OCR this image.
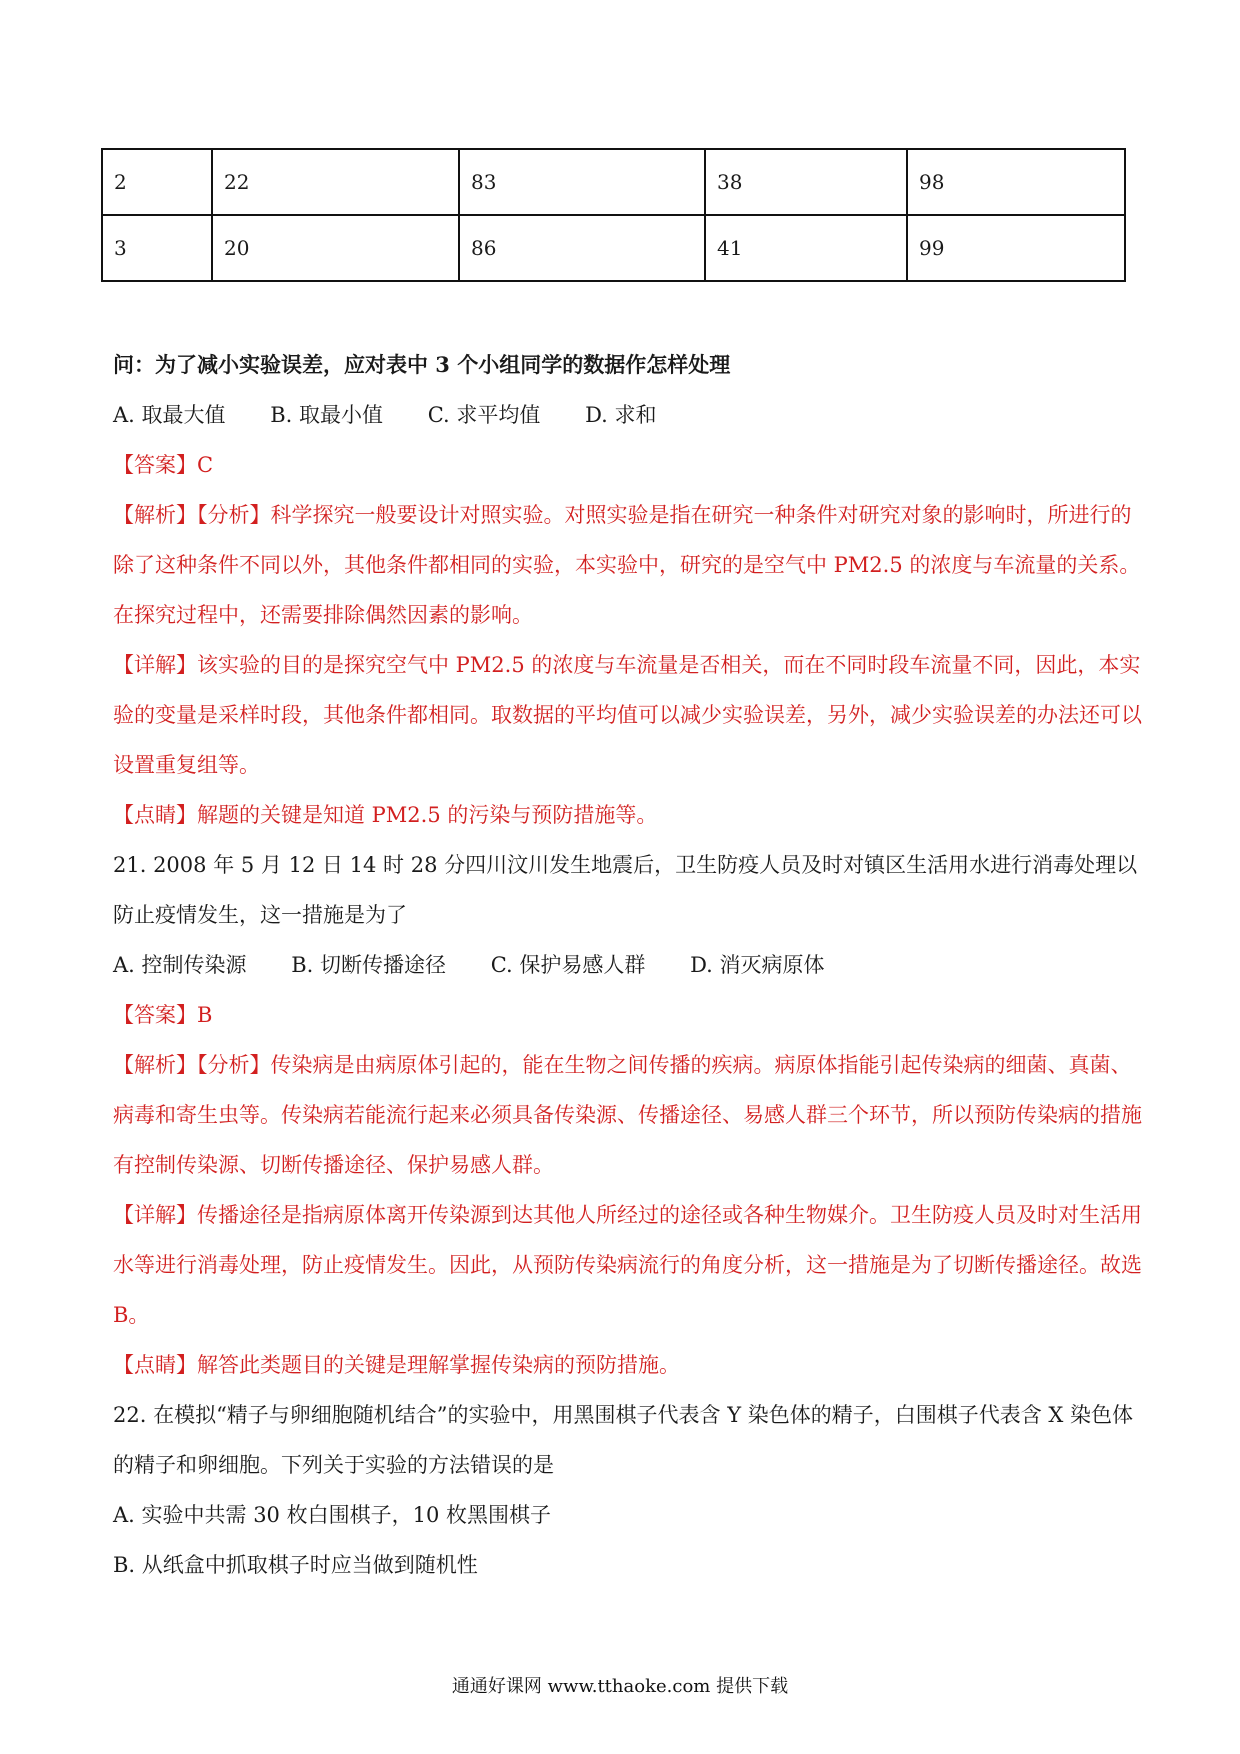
2	22	83	38	98
3	20	86	41	99
问：为了减小实验误差，应对表中 3 个小组同学的数据作怎样处理
A. 取最大值 B. 取最小值 C. 求平均值 D. 求和
【答案】C
【解析】【分析】科学探究一般要设计对照实验。对照实验是指在研究一种条件对研究对象的影响时，所进行的除了这种条件不同以外，其他条件都相同的实验，本实验中，研究的是空气中 PM2.5 的浓度与车流量的关系。在探究过程中，还需要排除偶然因素的影响。
【详解】该实验的目的是探究空气中 PM2.5 的浓度与车流量是否相关，而在不同时段车流量不同，因此，本实验的变量是采样时段，其他条件都相同。取数据的平均值可以减少实验误差，另外，减少实验误差的办法还可以设置重复组等。
【点睛】解题的关键是知道 PM2.5 的污染与预防措施等。
21. 2008 年 5 月 12 日 14 时 28 分四川汶川发生地震后，卫生防疫人员及时对镇区生活用水进行消毒处理以防止疫情发生，这一措施是为了
A. 控制传染源 B. 切断传播途径 C. 保护易感人群 D. 消灭病原体
【答案】B
【解析】【分析】传染病是由病原体引起的，能在生物之间传播的疾病。病原体指能引起传染病的细菌、真菌、病毒和寄生虫等。传染病若能流行起来必须具备传染源、传播途径、易感人群三个环节，所以预防传染病的措施有控制传染源、切断传播途径、保护易感人群。
【详解】传播途径是指病原体离开传染源到达其他人所经过的途径或各种生物媒介。卫生防疫人员及时对生活用水等进行消毒处理，防止疫情发生。因此，从预防传染病流行的角度分析，这一措施是为了切断传播途径。故选 B。
【点睛】解答此类题目的关键是理解掌握传染病的预防措施。
22. 在模拟“精子与卵细胞随机结合”的实验中，用黑围棋子代表含 Y 染色体的精子，白围棋子代表含 X 染色体的精子和卵细胞。下列关于实验的方法错误的是
A. 实验中共需 30 枚白围棋子，10 枚黑围棋子
B. 从纸盒中抓取棋子时应当做到随机性
通通好课网 www.tthaoke.com 提供下载
